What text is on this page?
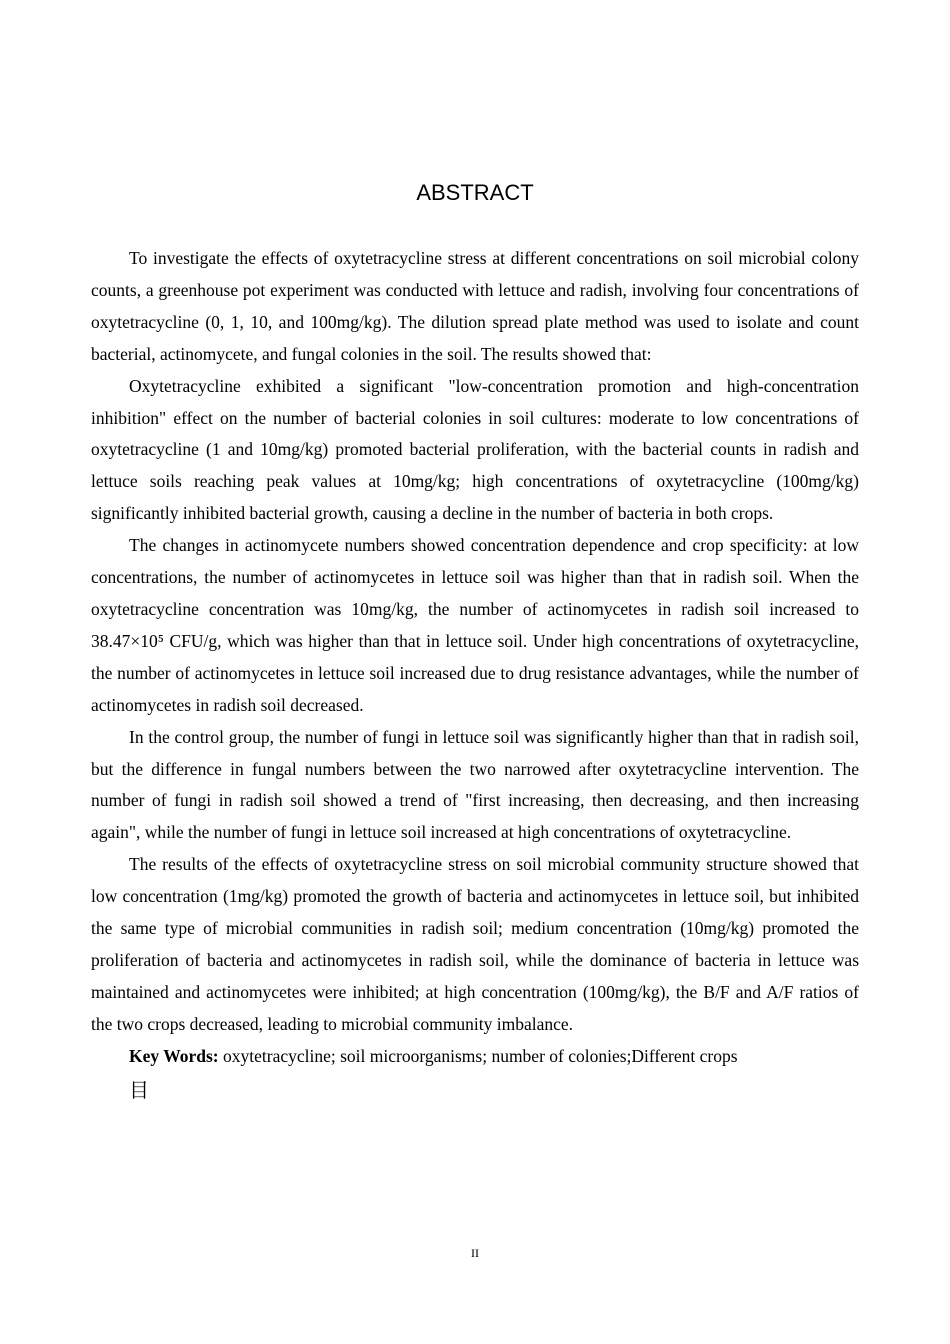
ABSTRACT

To investigate the effects of oxytetracycline stress at different concentrations on soil microbial colony counts, a greenhouse pot experiment was conducted with lettuce and radish, involving four concentrations of oxytetracycline (0, 1, 10, and 100mg/kg). The dilution spread plate method was used to isolate and count bacterial, actinomycete, and fungal colonies in the soil. The results showed that:

Oxytetracycline exhibited a significant "low-concentration promotion and high-concentration inhibition" effect on the number of bacterial colonies in soil cultures: moderate to low concentrations of oxytetracycline (1 and 10mg/kg) promoted bacterial proliferation, with the bacterial counts in radish and lettuce soils reaching peak values at 10mg/kg; high concentrations of oxytetracycline (100mg/kg) significantly inhibited bacterial growth, causing a decline in the number of bacteria in both crops.

The changes in actinomycete numbers showed concentration dependence and crop specificity: at low concentrations, the number of actinomycetes in lettuce soil was higher than that in radish soil. When the oxytetracycline concentration was 10mg/kg, the number of actinomycetes in radish soil increased to 38.47×10⁵ CFU/g, which was higher than that in lettuce soil. Under high concentrations of oxytetracycline, the number of actinomycetes in lettuce soil increased due to drug resistance advantages, while the number of actinomycetes in radish soil decreased.

In the control group, the number of fungi in lettuce soil was significantly higher than that in radish soil, but the difference in fungal numbers between the two narrowed after oxytetracycline intervention. The number of fungi in radish soil showed a trend of "first increasing, then decreasing, and then increasing again", while the number of fungi in lettuce soil increased at high concentrations of oxytetracycline.

The results of the effects of oxytetracycline stress on soil microbial community structure showed that low concentration (1mg/kg) promoted the growth of bacteria and actinomycetes in lettuce soil, but inhibited the same type of microbial communities in radish soil; medium concentration (10mg/kg) promoted the proliferation of bacteria and actinomycetes in radish soil, while the dominance of bacteria in lettuce was maintained and actinomycetes were inhibited; at high concentration (100mg/kg), the B/F and A/F ratios of the two crops decreased, leading to microbial community imbalance.

Key Words: oxytetracycline; soil microorganisms; number of colonies;Different crops

目

II
